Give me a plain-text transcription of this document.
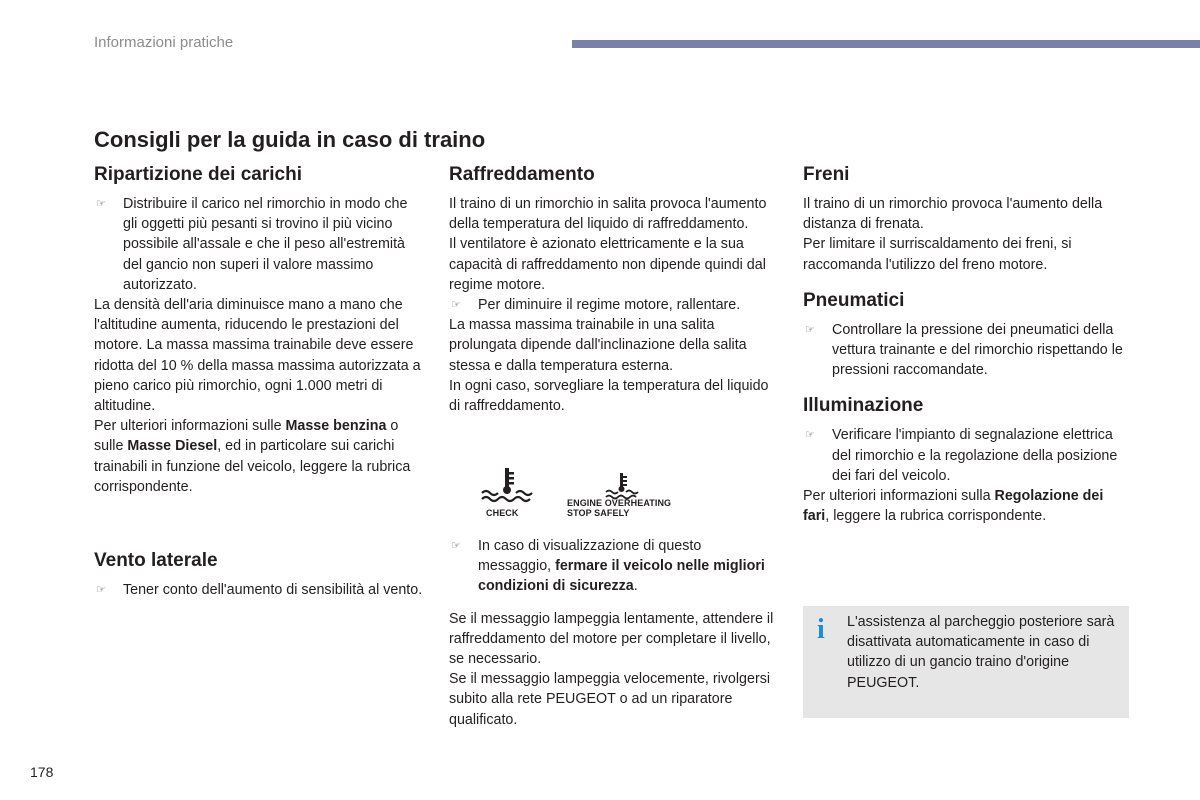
Informazioni pratiche
Consigli per la guida in caso di traino
Ripartizione dei carichi

☞ Distribuire il carico nel rimorchio in modo che gli oggetti più pesanti si trovino il più vicino possibile all'assale e che il peso all'estremità del gancio non superi il valore massimo autorizzato.

La densità dell'aria diminuisce mano a mano che l'altitudine aumenta, riducendo le prestazioni del motore. La massa massima trainabile deve essere ridotta del 10 % della massa massima autorizzata a pieno carico più rimorchio, ogni 1.000 metri di altitudine.

Per ulteriori informazioni sulle Masse benzina o sulle Masse Diesel, ed in particolare sui carichi trainabili in funzione del veicolo, leggere la rubrica corrispondente.

Vento laterale

☞ Tener conto dell'aumento di sensibilità al vento.

Raffreddamento

Il traino di un rimorchio in salita provoca l'aumento della temperatura del liquido di raffreddamento.

Il ventilatore è azionato elettricamente e la sua capacità di raffreddamento non dipende quindi dal regime motore.

☞ Per diminuire il regime motore, rallentare.

La massa massima trainabile in una salita prolungata dipende dall'inclinazione della salita stessa e dalla temperatura esterna.

In ogni caso, sorvegliare la temperatura del liquido di raffreddamento.

CHECK
ENGINE OVERHEATING
STOP SAFELY

☞ In caso di visualizzazione di questo messaggio, fermare il veicolo nelle migliori condizioni di sicurezza.

Se il messaggio lampeggia lentamente, attendere il raffreddamento del motore per completare il livello, se necessario.

Se il messaggio lampeggia velocemente, rivolgersi subito alla rete PEUGEOT o ad un riparatore qualificato.

Freni

Il traino di un rimorchio provoca l'aumento della distanza di frenata.

Per limitare il surriscaldamento dei freni, si raccomanda l'utilizzo del freno motore.

Pneumatici

☞ Controllare la pressione dei pneumatici della vettura trainante e del rimorchio rispettando le pressioni raccomandate.

Illuminazione

☞ Verificare l'impianto di segnalazione elettrica del rimorchio e la regolazione della posizione dei fari del veicolo.

Per ulteriori informazioni sulla Regolazione dei fari, leggere la rubrica corrispondente.

i L'assistenza al parcheggio posteriore sarà disattivata automaticamente in caso di utilizzo di un gancio traino d'origine PEUGEOT.

178
